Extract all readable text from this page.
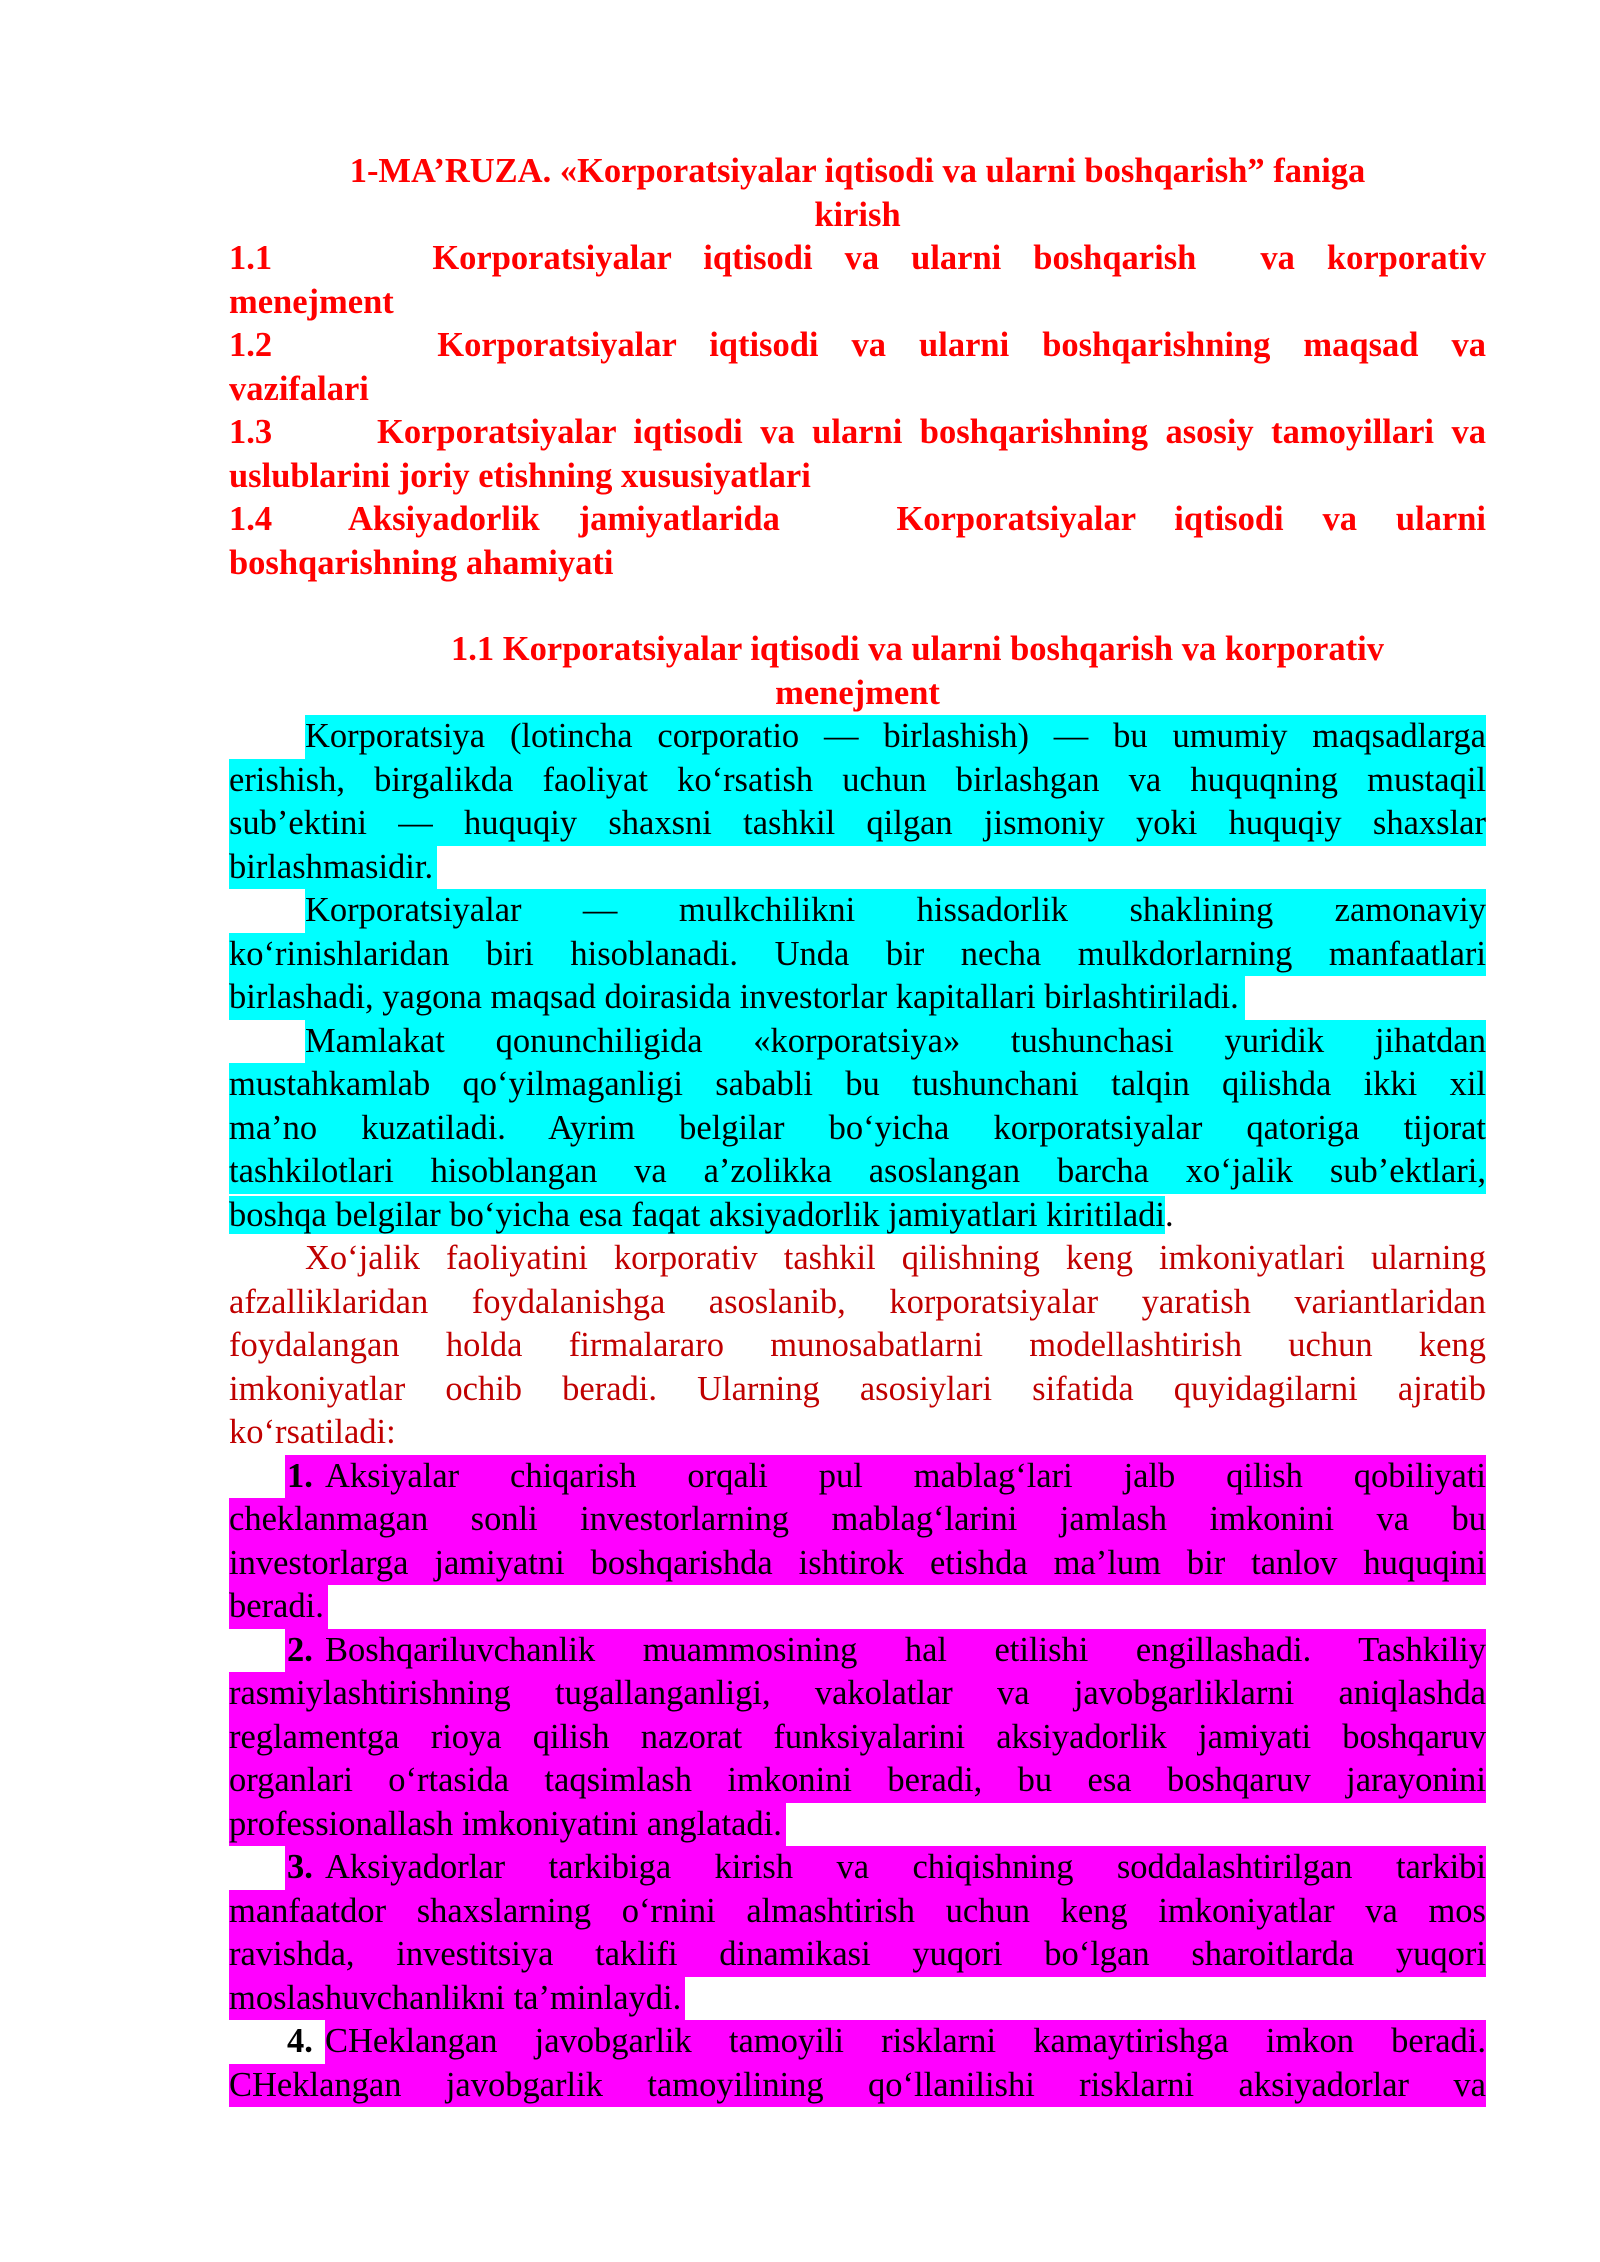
1-MA’RUZA. «Korporatsiyalar iqtisodi va ularni boshqarish” faniga
kirish
1.1          Korporatsiyalar  iqtisodi  va  ularni  boshqarish    va  korporativ
menejment
1.2          Korporatsiyalar  iqtisodi  va  ularni  boshqarishning  maqsad  va
vazifalari
1.3      Korporatsiyalar iqtisodi va ularni boshqarishning asosiy tamoyillari va
uslublarini joriy etishning xususiyatlari
1.4    Aksiyadorlik  jamiyatlarida      Korporatsiyalar  iqtisodi  va  ularni
boshqarishning ahamiyati
1.1 Korporatsiyalar iqtisodi va ularni boshqarish va korporativ
menejment
Korporatsiya (lotincha corporatio — birlashish) — bu umumiy maqsadlarga
erishish, birgalikda faoliyat ko‘rsatish uchun birlashgan va huquqning mustaqil
sub’ektini — huquqiy shaxsni tashkil qilgan jismoniy yoki huquqiy shaxslar
birlashmasidir.
Korporatsiyalar    —    mulkchilikni    hissadorlik    shaklining    zamonaviy
ko‘rinishlaridan biri hisoblanadi. Unda bir necha mulkdorlarning manfaatlari
birlashadi, yagona maqsad doirasida investorlar kapitallari birlashtiriladi.
Mamlakat qonunchiligida «korporatsiya» tushunchasi yuridik jihatdan
mustahkamlab qo‘yilmaganligi sababli bu tushunchani talqin qilishda ikki xil
ma’no kuzatiladi. Ayrim belgilar bo‘yicha korporatsiyalar qatoriga tijorat
tashkilotlari hisoblangan va a’zolikka asoslangan barcha xo‘jalik sub’ektlari,
boshqa belgilar bo‘yicha esa faqat aksiyadorlik jamiyatlari kiritiladi.
Xo‘jalik faoliyatini korporativ tashkil qilishning keng imkoniyatlari ularning
afzalliklaridan foydalanishga asoslanib, korporatsiyalar yaratish variantlaridan
foydalangan holda firmalararo munosabatlarni modellashtirish uchun keng
imkoniyatlar ochib beradi. Ularning asosiylari sifatida quyidagilarni ajratib
ko‘rsatiladi:
1. Aksiyalar chiqarish orqali pul mablag‘lari jalb qilish qobiliyati
cheklanmagan sonli investorlarning mablag‘larini jamlash imkonini va bu
investorlarga jamiyatni boshqarishda ishtirok etishda ma’lum bir tanlov huquqini
beradi.
2. Boshqariluvchanlik muammosining hal etilishi engillashadi. Tashkiliy
rasmiylashtirishning tugallanganligi, vakolatlar va javobgarliklarni aniqlashda
reglamentga rioya qilish nazorat funksiyalarini aksiyadorlik jamiyati boshqaruv
organlari o‘rtasida taqsimlash imkonini beradi, bu esa boshqaruv jarayonini
professionallash imkoniyatini anglatadi.
3. Aksiyadorlar tarkibiga kirish va chiqishning soddalashtirilgan tarkibi
manfaatdor shaxslarning o‘rnini almashtirish uchun keng imkoniyatlar va mos
ravishda, investitsiya taklifi dinamikasi yuqori bo‘lgan sharoitlarda yuqori
moslashuvchanlikni ta’minlaydi.
4. CHeklangan javobgarlik tamoyili risklarni kamaytirishga imkon beradi.
CHeklangan javobgarlik tamoyilining qo‘llanilishi risklarni aksiyadorlar va
